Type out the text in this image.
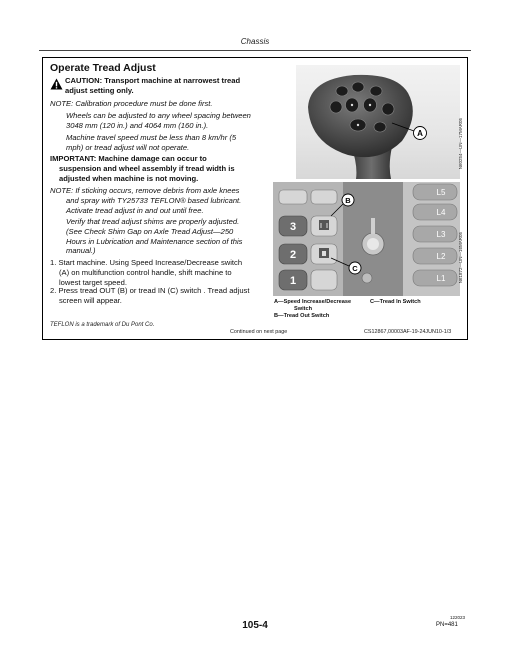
Chassis
Operate Tread Adjust
CAUTION: Transport machine at narrowest tread
adjust setting only.
NOTE: Calibration procedure must be done first.
Wheels can be adjusted to any wheel spacing between
3048 mm (120 in.) and 4064 mm (160 in.).
Machine travel speed must be less than 8 km/hr (5
mph) or tread adjust will not operate.
IMPORTANT: Machine damage can occur to
suspension and wheel assembly if tread width is
adjusted when machine is not moving.
NOTE: If sticking occurs, remove debris from axle knees
and spray with TY25733 TEFLON® based lubricant.
Activate tread adjust in and out until free.
Verify that tread adjust shims are properly adjusted.
(See Check Shim Gap on Axle Tread Adjust—250
Hours in Lubrication and Maintenance section of this
manual.)
1. Start machine. Using Speed Increase/Decrease switch
(A) on multifunction control handle, shift machine to
lowest target speed.
2. Press tread OUT (B) or tread IN (C) switch . Tread adjust
screen will appear.
A	N60254—UN—17MAR05
3
2
1
L5
L4
L3
L2
L1
B
C	N61872—UN—16MAR05
A—Speed Increase/Decrease
Switch
B—Tread Out Switch
C—Tread In Switch
TEFLON is a trademark of Du Pont Co.
Continued on next page	CS12867,00003AF-19-24JUN10-1/3
122023
105-4	PN=481
